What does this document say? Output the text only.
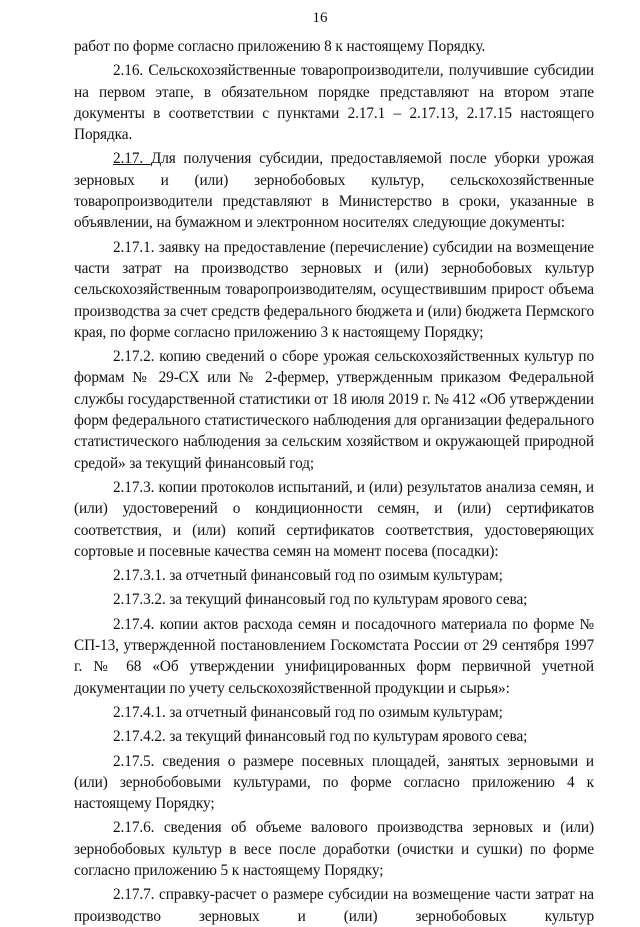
16

работ по форме согласно приложению 8 к настоящему Порядку.

2.16. Сельскохозяйственные товаропроизводители, получившие субсидии на первом этапе, в обязательном порядке представляют на втором этапе документы в соответствии с пунктами 2.17.1 – 2.17.13, 2.17.15 настоящего Порядка.

2.17. Для получения субсидии, предоставляемой после уборки урожая зерновых и (или) зернобобовых культур, сельскохозяйственные товаропроизводители представляют в Министерство в сроки, указанные в объявлении, на бумажном и электронном носителях следующие документы:

2.17.1. заявку на предоставление (перечисление) субсидии на возмещение части затрат на производство зерновых и (или) зернобобовых культур сельскохозяйственным товаропроизводителям, осуществившим прирост объема производства за счет средств федерального бюджета и (или) бюджета Пермского края, по форме согласно приложению 3 к настоящему Порядку;

2.17.2. копию сведений о сборе урожая сельскохозяйственных культур по формам № 29-СХ или № 2-фермер, утвержденным приказом Федеральной службы государственной статистики от 18 июля 2019 г. № 412 «Об утверждении форм федерального статистического наблюдения для организации федерального статистического наблюдения за сельским хозяйством и окружающей природной средой» за текущий финансовый год;

2.17.3. копии протоколов испытаний, и (или) результатов анализа семян, и (или) удостоверений о кондиционности семян, и (или) сертификатов соответствия, и (или) копий сертификатов соответствия, удостоверяющих сортовые и посевные качества семян на момент посева (посадки):

2.17.3.1. за отчетный финансовый год по озимым культурам;

2.17.3.2. за текущий финансовый год по культурам ярового сева;

2.17.4. копии актов расхода семян и посадочного материала по форме № СП-13, утвержденной постановлением Госкомстата России от 29 сентября 1997 г. № 68 «Об утверждении унифицированных форм первичной учетной документации по учету сельскохозяйственной продукции и сырья»:

2.17.4.1. за отчетный финансовый год по озимым культурам;

2.17.4.2. за текущий финансовый год по культурам ярового сева;

2.17.5. сведения о размере посевных площадей, занятых зерновыми и (или) зернобобовыми культурами, по форме согласно приложению 4 к настоящему Порядку;

2.17.6. сведения об объеме валового производства зерновых и (или) зернобобовых культур в весе после доработки (очистки и сушки) по форме согласно приложению 5 к настоящему Порядку;

2.17.7. справку-расчет о размере субсидии на возмещение части затрат на производство зерновых и (или) зернобобовых культур
